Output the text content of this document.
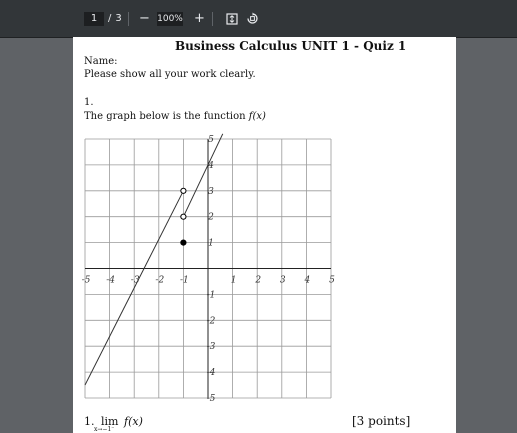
1	/ 3 − 100% +
Business Calculus UNIT 1 - Quiz 1
Name:
Please show all your work clearly.
1.
The graph below is the function f(x)
-5 -4 -3 -2 -1	1 2 3 4 5
5
4
3
2
1
-1
-2
-3
-4
-5
1. lim f(x)
x→−1⁻
[3 points]
